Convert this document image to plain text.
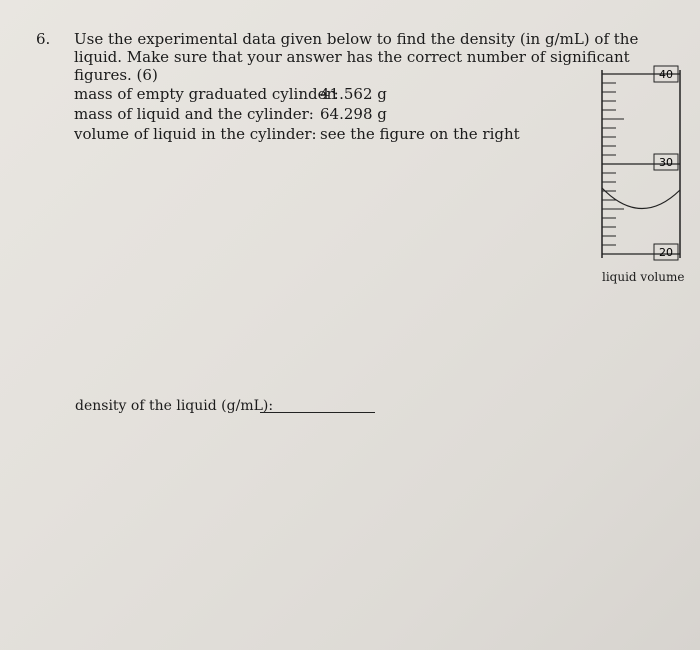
6. Use the experimental data given below to find the density (in g/mL) of the liquid. Make sure that your answer has the correct number of significant figures. (6)
mass of empty graduated cylinder:
41.562 g
mass of liquid and the cylinder: 64.298 g
volume of liquid in the cylinder: see the figure on the right
40
30
20
liquid volume
density of the liquid (g/mL):
